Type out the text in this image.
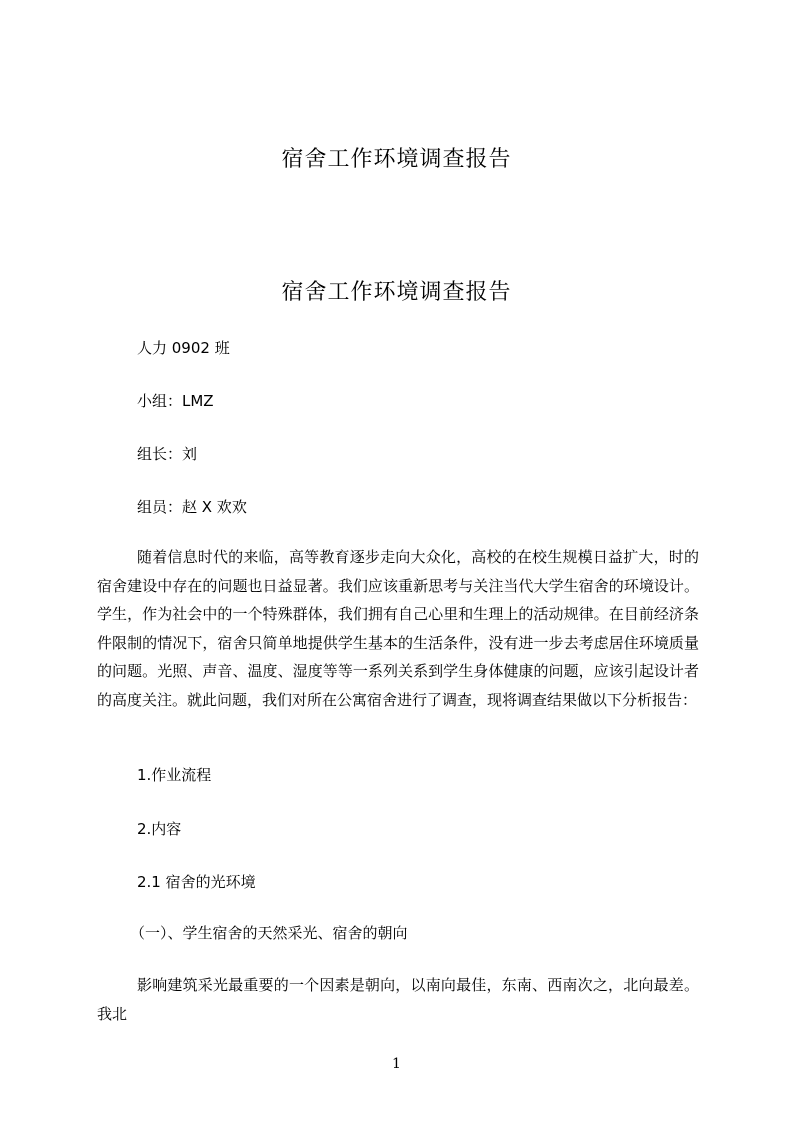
宿舍工作环境调查报告
宿舍工作环境调查报告
人力 0902 班
小组：LMZ
组长：刘
组员：赵 X 欢欢
随着信息时代的来临，高等教育逐步走向大众化，高校的在校生规模日益扩大，时的宿舍建设中存在的问题也日益显著。我们应该重新思考与关注当代大学生宿舍的环境设计。学生，作为社会中的一个特殊群体，我们拥有自己心里和生理上的活动规律。在目前经济条件限制的情况下，宿舍只简单地提供学生基本的生活条件，没有进一步去考虑居住环境质量的问题。光照、声音、温度、湿度等等一系列关系到学生身体健康的问题，应该引起设计者的高度关注。就此问题，我们对所在公寓宿舍进行了调查，现将调查结果做以下分析报告：
1.作业流程
2.内容
2.1 宿舍的光环境
（一）、学生宿舍的天然采光、宿舍的朝向
影响建筑采光最重要的一个因素是朝向，以南向最佳，东南、西南次之，北向最差。我北
1
